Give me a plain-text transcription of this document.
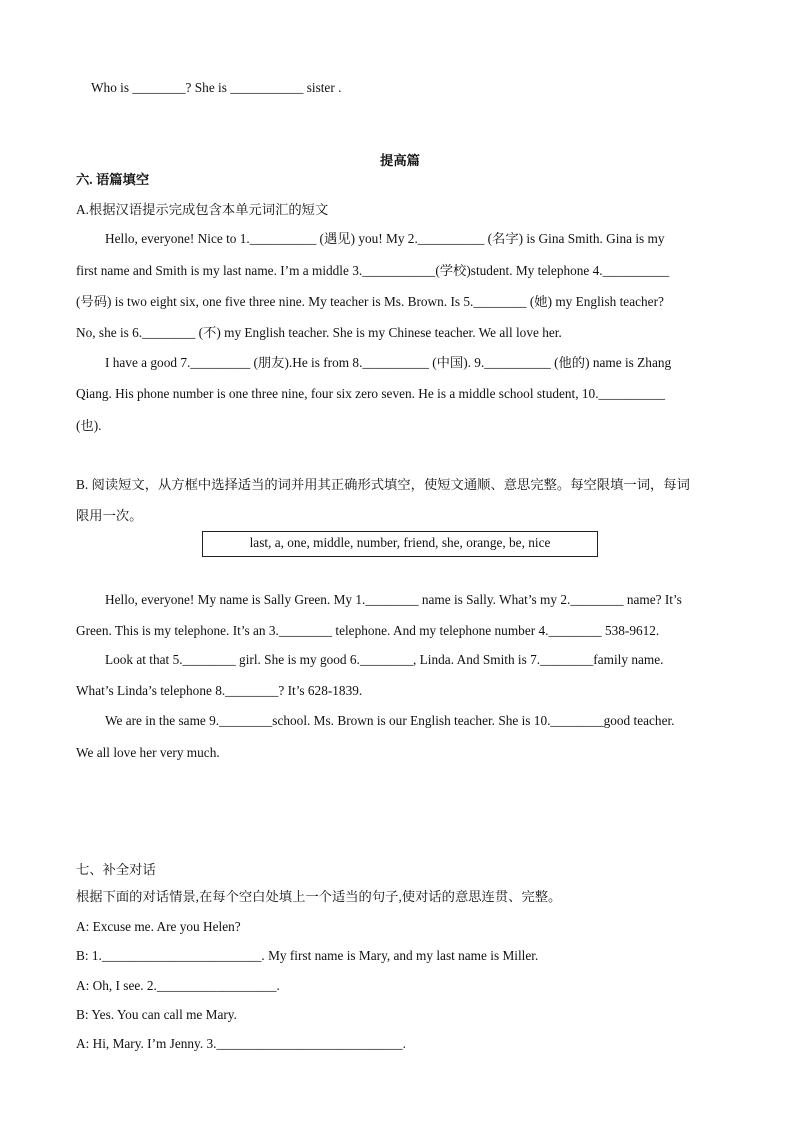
Who is ________? She is ___________ sister .
提高篇
六. 语篇填空
A.根据汉语提示完成包含本单元词汇的短文
Hello, everyone! Nice to 1.__________ (遇见) you! My 2.__________ (名字) is Gina Smith. Gina is my
first name and Smith is my last name. I’m a middle 3.___________(学校)student. My telephone 4.__________
(号码) is two eight six, one five three nine. My teacher is Ms. Brown. Is 5.________ (她) my English teacher?
No, she is 6.________ (不) my English teacher. She is my Chinese teacher. We all love her.
I have a good 7._________ (朋友).He is from 8.__________ (中国). 9.__________ (他的) name is Zhang
Qiang. His phone number is one three nine, four six zero seven. He is a middle school student, 10.__________
(也).
B. 阅读短文，从方框中选择适当的词并用其正确形式填空，使短文通顺、意思完整。每空限填一词，每词
限用一次。
last, a, one, middle, number, friend, she, orange, be, nice
Hello, everyone! My name is Sally Green. My 1.________ name is Sally. What’s my 2.________ name? It’s
Green. This is my telephone. It’s an 3.________ telephone. And my telephone number 4.________ 538-9612.
Look at that 5.________ girl. She is my good 6.________, Linda. And Smith is 7.________family name.
What’s Linda’s telephone 8.________? It’s 628-1839.
We are in the same 9.________school. Ms. Brown is our English teacher. She is 10.________good teacher.
We all love her very much.
七、补全对话
根据下面的对话情景,在每个空白处填上一个适当的句子,使对话的意思连贯、完整。
A: Excuse me. Are you Helen?
B: 1.________________________. My first name is Mary, and my last name is Miller.
A: Oh, I see. 2.__________________.
B: Yes. You can call me Mary.
A: Hi, Mary. I’m Jenny. 3.____________________________.
